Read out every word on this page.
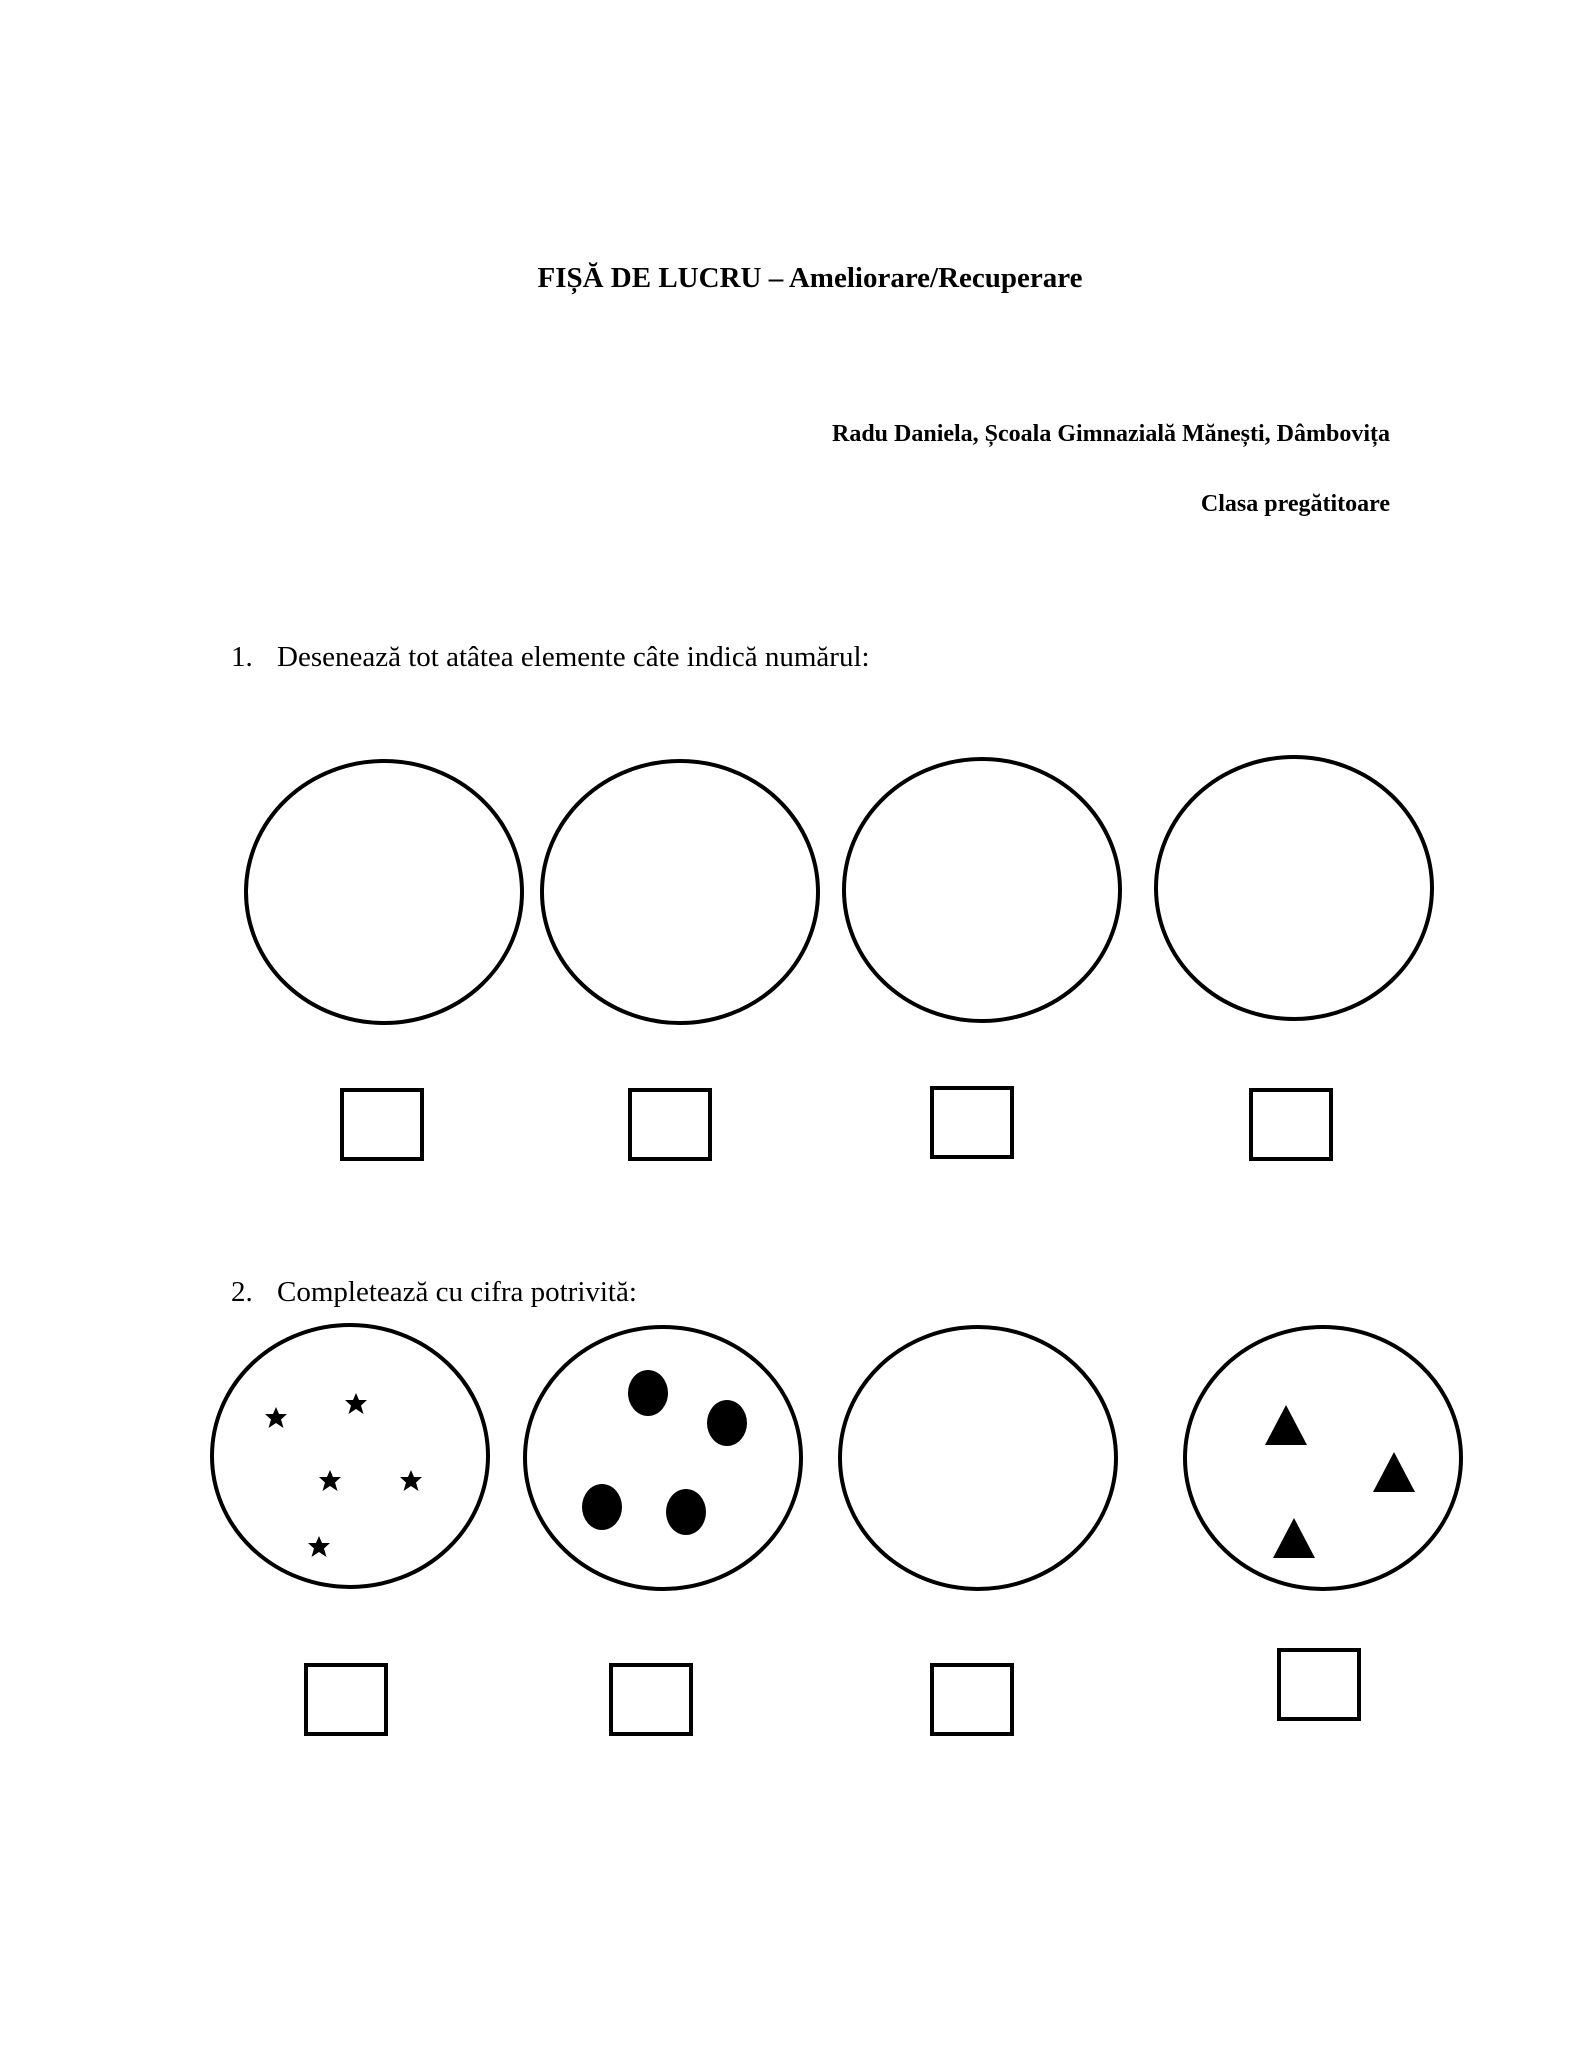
FIȘĂ DE LUCRU – Ameliorare/Recuperare
Radu Daniela, Școala Gimnazială Mănești, Dâmbovița
Clasa pregătitoare
1. Desenează tot atâtea elemente câte indică numărul:
2. Completează cu cifra potrivită:
